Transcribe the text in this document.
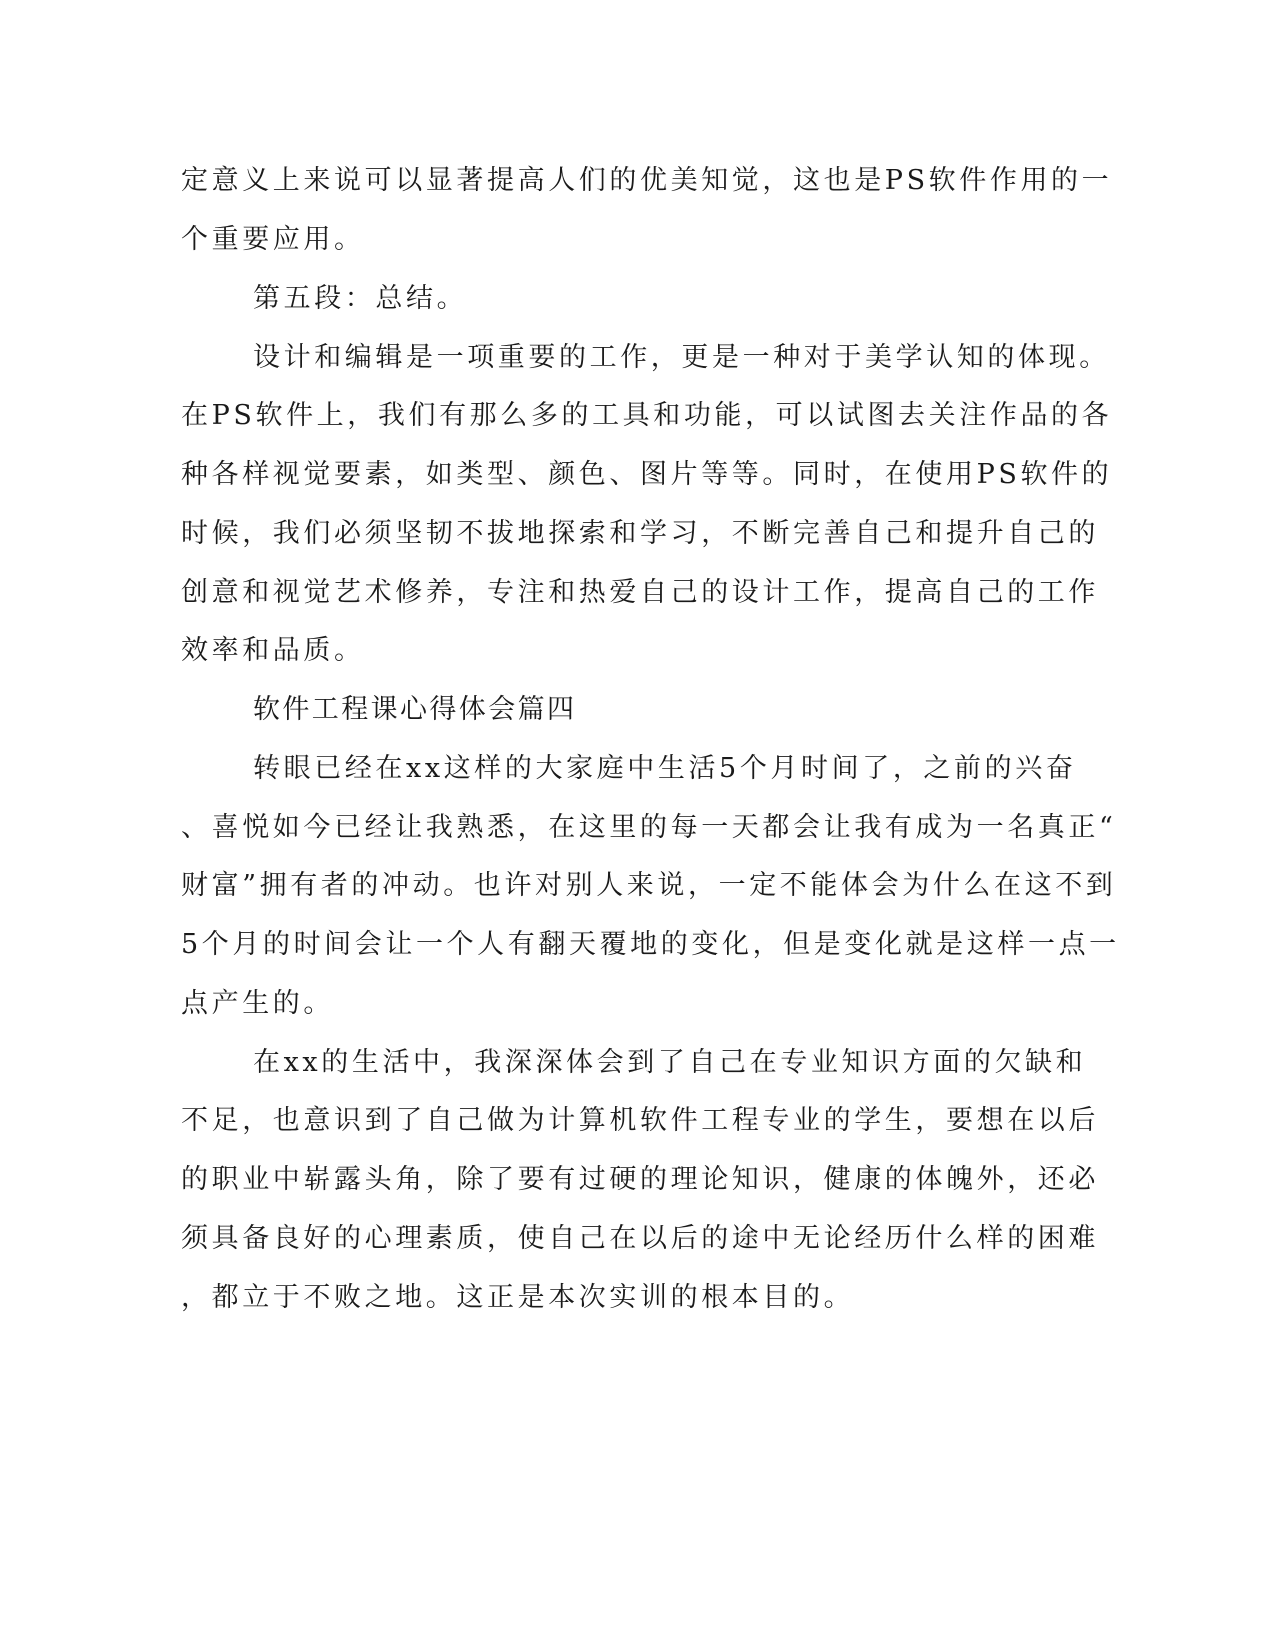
定意义上来说可以显著提高人们的优美知觉，这也是PS软件作用的一
个重要应用。
第五段：总结。
设计和编辑是一项重要的工作，更是一种对于美学认知的体现。
在PS软件上，我们有那么多的工具和功能，可以试图去关注作品的各
种各样视觉要素，如类型、颜色、图片等等。同时，在使用PS软件的
时候，我们必须坚韧不拔地探索和学习，不断完善自己和提升自己的
创意和视觉艺术修养，专注和热爱自己的设计工作，提高自己的工作
效率和品质。
软件工程课心得体会篇四
转眼已经在xx这样的大家庭中生活5个月时间了，之前的兴奋
、喜悦如今已经让我熟悉，在这里的每一天都会让我有成为一名真正“
财富”拥有者的冲动。也许对别人来说，一定不能体会为什么在这不到
5个月的时间会让一个人有翻天覆地的变化，但是变化就是这样一点一
点产生的。
在xx的生活中，我深深体会到了自己在专业知识方面的欠缺和
不足，也意识到了自己做为计算机软件工程专业的学生，要想在以后
的职业中崭露头角，除了要有过硬的理论知识，健康的体魄外，还必
须具备良好的心理素质，使自己在以后的途中无论经历什么样的困难
，都立于不败之地。这正是本次实训的根本目的。
